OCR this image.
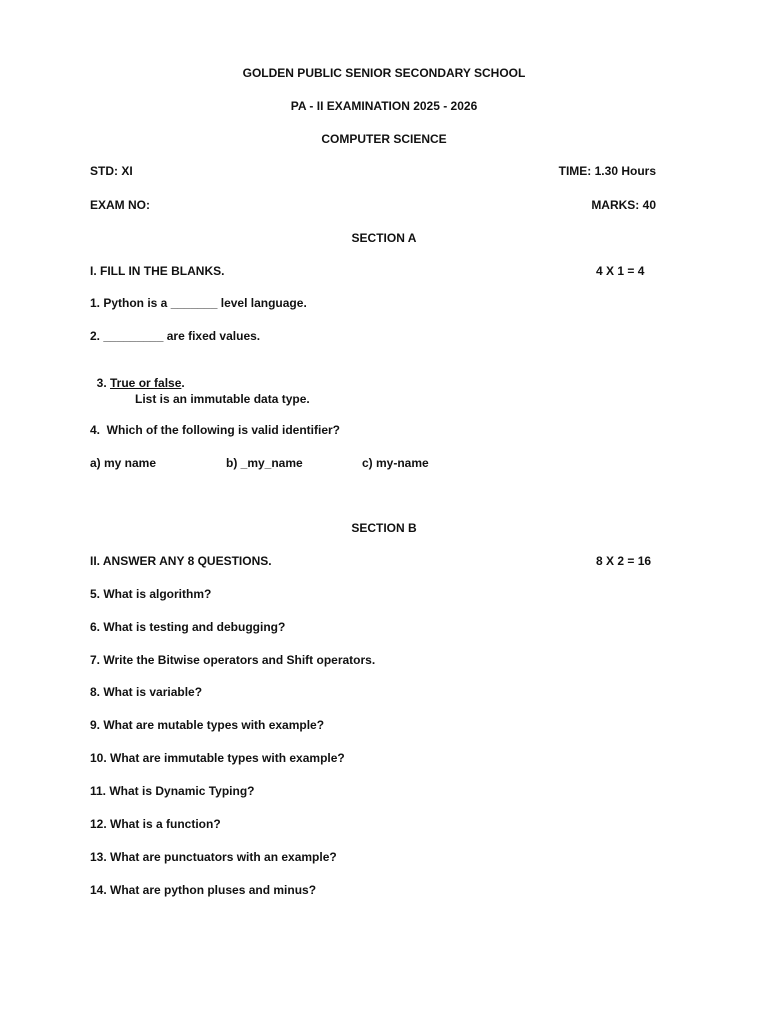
GOLDEN PUBLIC SENIOR SECONDARY SCHOOL
PA - II EXAMINATION 2025 - 2026
COMPUTER SCIENCE
STD: XI	TIME: 1.30 Hours
EXAM NO:	MARKS: 40
SECTION A
I. FILL IN THE BLANKS.	4 X 1 = 4
1. Python is a _______ level language.
2. _________ are fixed values.

3. True or false.

List is an immutable data type.
4.  Which of the following is valid identifier?
a) my name	b) _my_name	c) my-name
SECTION B
II. ANSWER ANY 8 QUESTIONS.	8 X 2 = 16
5. What is algorithm?
6. What is testing and debugging?
7. Write the Bitwise operators and Shift operators.
8. What is variable?
9. What are mutable types with example?
10. What are immutable types with example?
11. What is Dynamic Typing?
12. What is a function?
13. What are punctuators with an example?
14. What are python pluses and minus?
